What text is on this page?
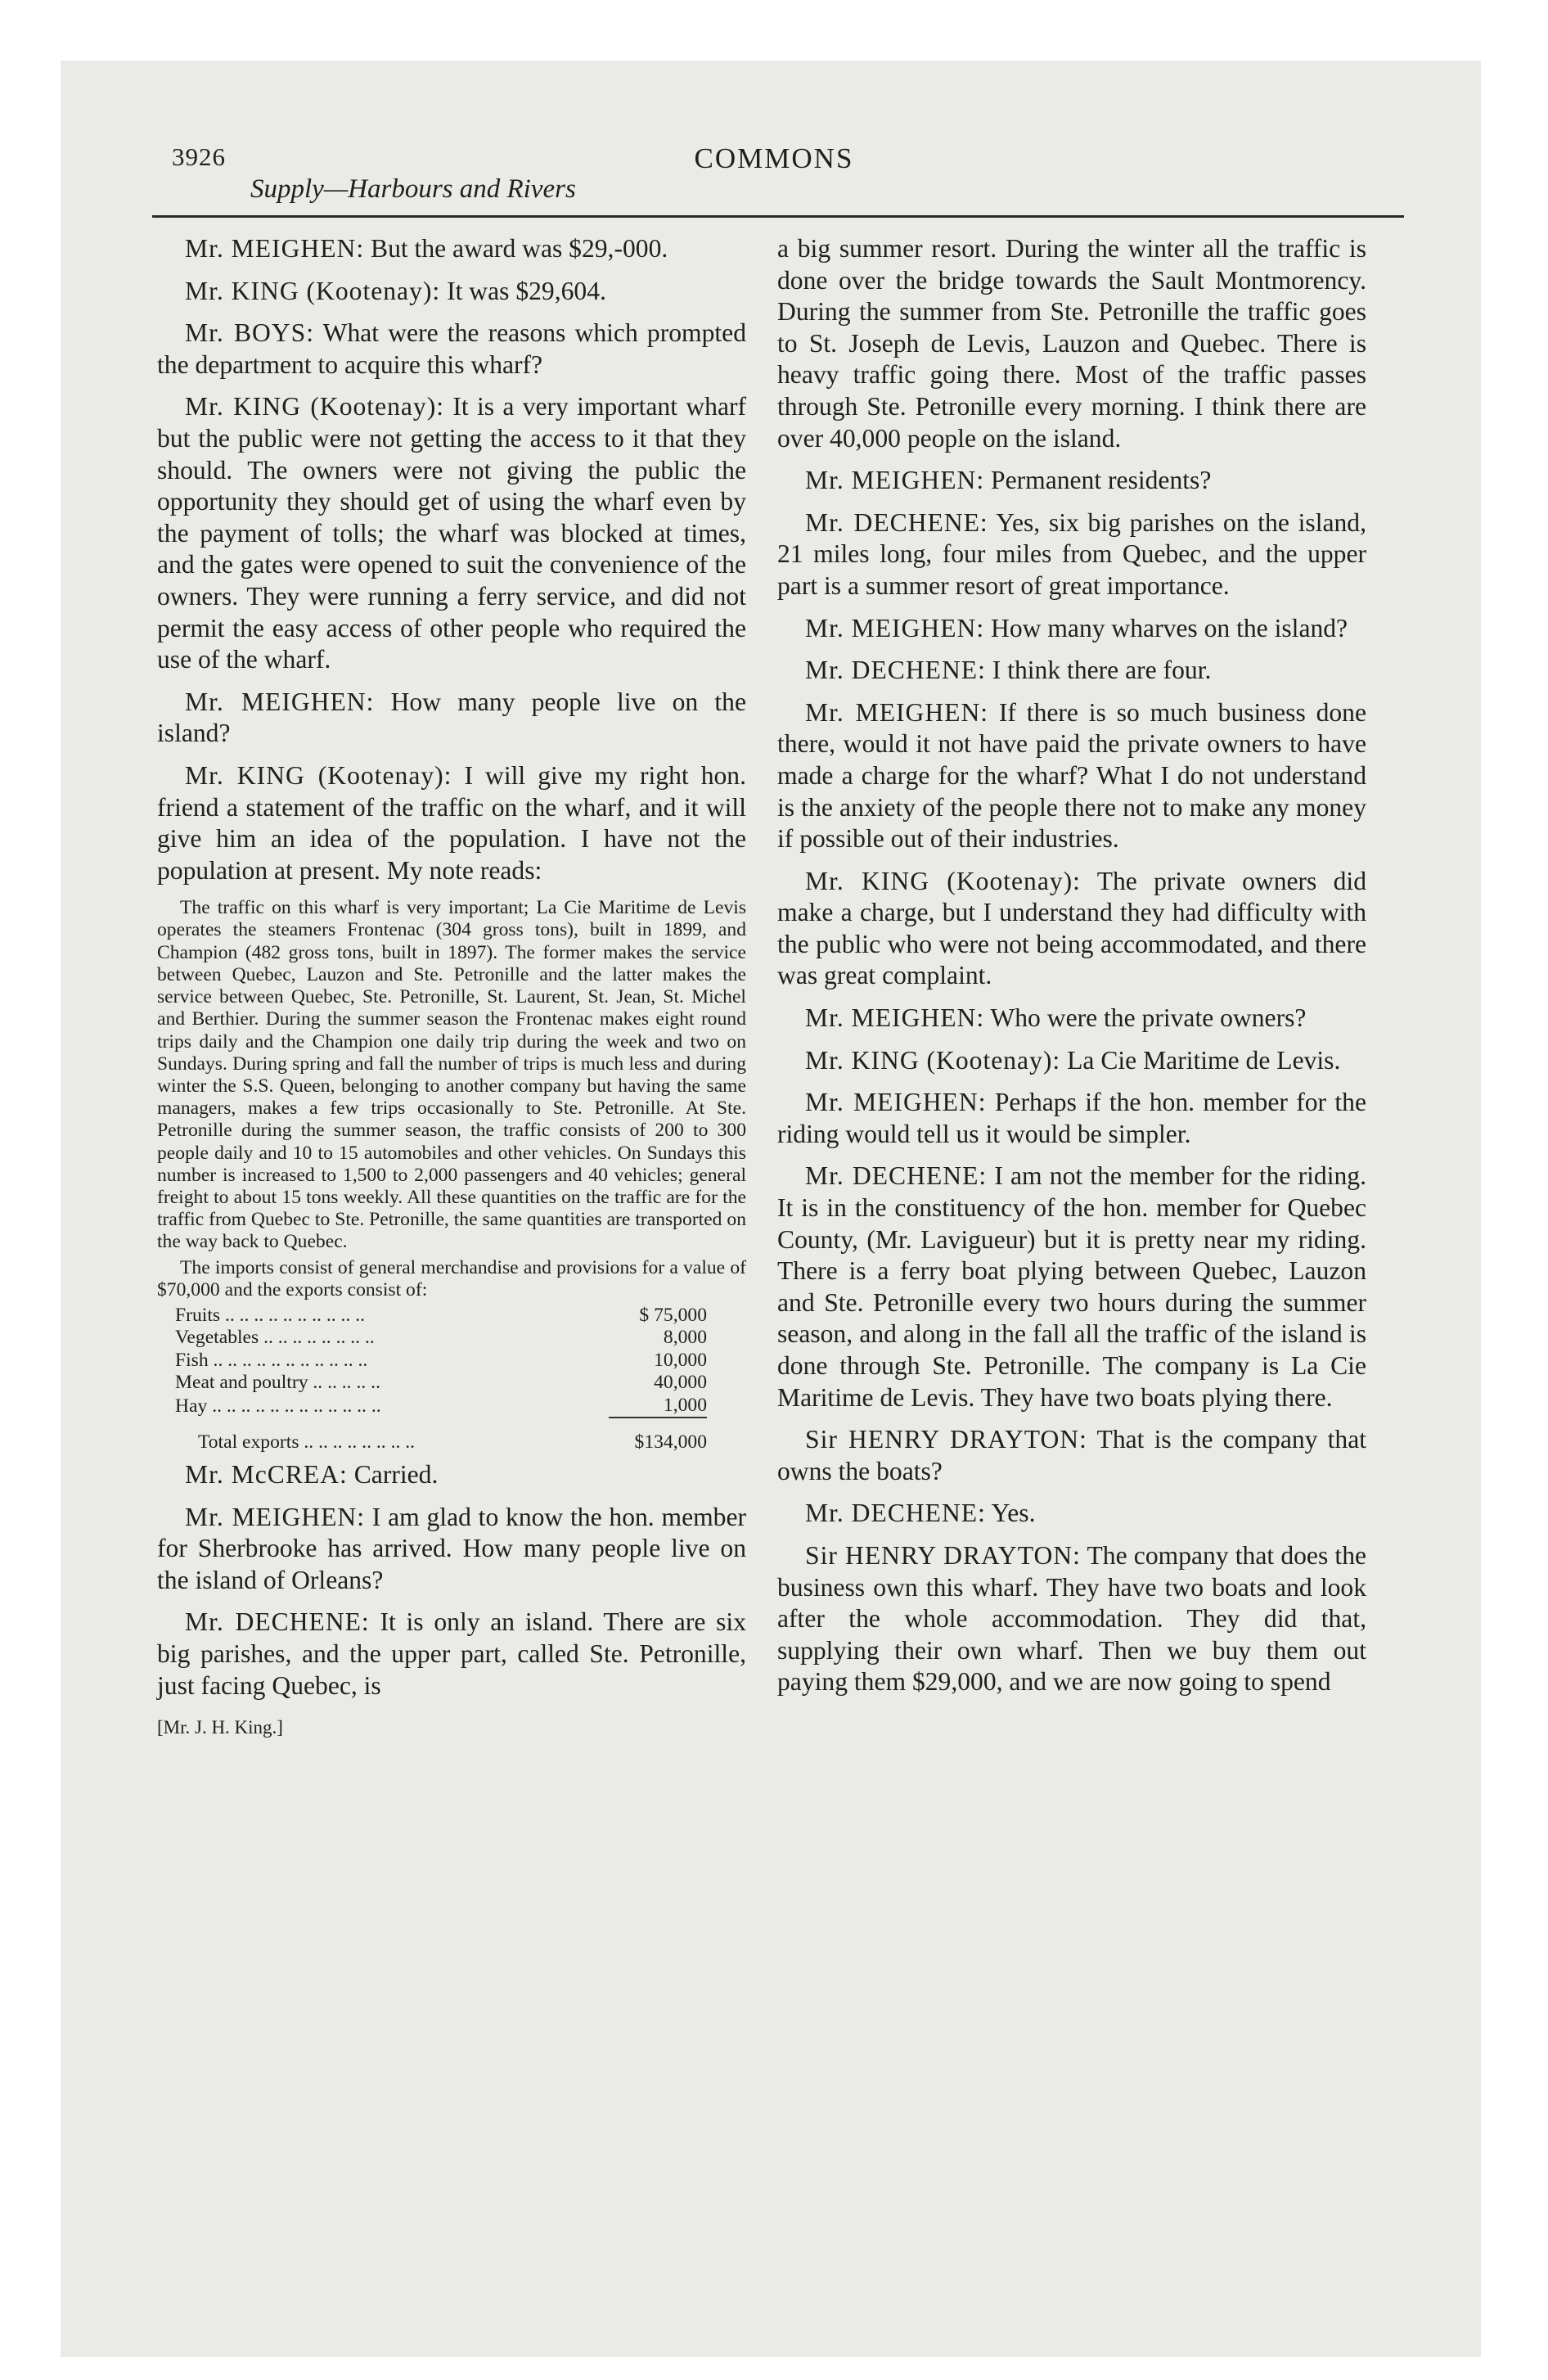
3926	COMMONS
Supply—Harbours and Rivers

Mr. MEIGHEN: But the award was $29,-000.

Mr. KING (Kootenay): It was $29,604.

Mr. BOYS: What were the reasons which prompted the department to acquire this wharf?

Mr. KING (Kootenay): It is a very important wharf but the public were not getting the access to it that they should. The owners were not giving the public the opportunity they should get of using the wharf even by the payment of tolls; the wharf was blocked at times, and the gates were opened to suit the convenience of the owners. They were running a ferry service, and did not permit the easy access of other people who required the use of the wharf.

Mr. MEIGHEN: How many people live on the island?

Mr. KING (Kootenay): I will give my right hon. friend a statement of the traffic on the wharf, and it will give him an idea of the population. I have not the population at present. My note reads:

The traffic on this wharf is very important; La Cie Maritime de Levis operates the steamers Frontenac (304 gross tons), built in 1899, and Champion (482 gross tons, built in 1897). The former makes the service between Quebec, Lauzon and Ste. Petronille and the latter makes the service between Quebec, Ste. Petronille, St. Laurent, St. Jean, St. Michel and Berthier. During the summer season the Frontenac makes eight round trips daily and the Champion one daily trip during the week and two on Sundays. During spring and fall the number of trips is much less and during winter the S.S. Queen, belonging to another company but having the same managers, makes a few trips occasionally to Ste. Petronille. At Ste. Petronille during the summer season, the traffic consists of 200 to 300 people daily and 10 to 15 automobiles and other vehicles. On Sundays this number is increased to 1,500 to 2,000 passengers and 40 vehicles; general freight to about 15 tons weekly. All these quantities on the traffic are for the traffic from Quebec to Ste. Petronille, the same quantities are transported on the way back to Quebec.

The imports consist of general merchandise and provisions for a value of $70,000 and the exports consist of:

Fruits .. .. .. .. .. .. .. .. .. ..	$ 75,000
Vegetables .. .. .. .. .. .. .. ..	8,000
Fish .. .. .. .. .. .. .. .. .. .. ..	10,000
Meat and poultry .. .. .. .. ..	40,000
Hay .. .. .. .. .. .. .. .. .. .. .. ..	1,000
Total exports .. .. .. .. .. .. .. ..	$134,000

Mr. McCREA: Carried.

Mr. MEIGHEN: I am glad to know the hon. member for Sherbrooke has arrived. How many people live on the island of Orleans?

Mr. DECHENE: It is only an island. There are six big parishes, and the upper part, called Ste. Petronille, just facing Quebec, is

[Mr. J. H. King.]

a big summer resort. During the winter all the traffic is done over the bridge towards the Sault Montmorency. During the summer from Ste. Petronille the traffic goes to St. Joseph de Levis, Lauzon and Quebec. There is heavy traffic going there. Most of the traffic passes through Ste. Petronille every morning. I think there are over 40,000 people on the island.

Mr. MEIGHEN: Permanent residents?

Mr. DECHENE: Yes, six big parishes on the island, 21 miles long, four miles from Quebec, and the upper part is a summer resort of great importance.

Mr. MEIGHEN: How many wharves on the island?

Mr. DECHENE: I think there are four.

Mr. MEIGHEN: If there is so much business done there, would it not have paid the private owners to have made a charge for the wharf? What I do not understand is the anxiety of the people there not to make any money if possible out of their industries.

Mr. KING (Kootenay): The private owners did make a charge, but I understand they had difficulty with the public who were not being accommodated, and there was great complaint.

Mr. MEIGHEN: Who were the private owners?

Mr. KING (Kootenay): La Cie Maritime de Levis.

Mr. MEIGHEN: Perhaps if the hon. member for the riding would tell us it would be simpler.

Mr. DECHENE: I am not the member for the riding. It is in the constituency of the hon. member for Quebec County, (Mr. Lavigueur) but it is pretty near my riding. There is a ferry boat plying between Quebec, Lauzon and Ste. Petronille every two hours during the summer season, and along in the fall all the traffic of the island is done through Ste. Petronille. The company is La Cie Maritime de Levis. They have two boats plying there.

Sir HENRY DRAYTON: That is the company that owns the boats?

Mr. DECHENE: Yes.

Sir HENRY DRAYTON: The company that does the business own this wharf. They have two boats and look after the whole accommodation. They did that, supplying their own wharf. Then we buy them out paying them $29,000, and we are now going to spend
